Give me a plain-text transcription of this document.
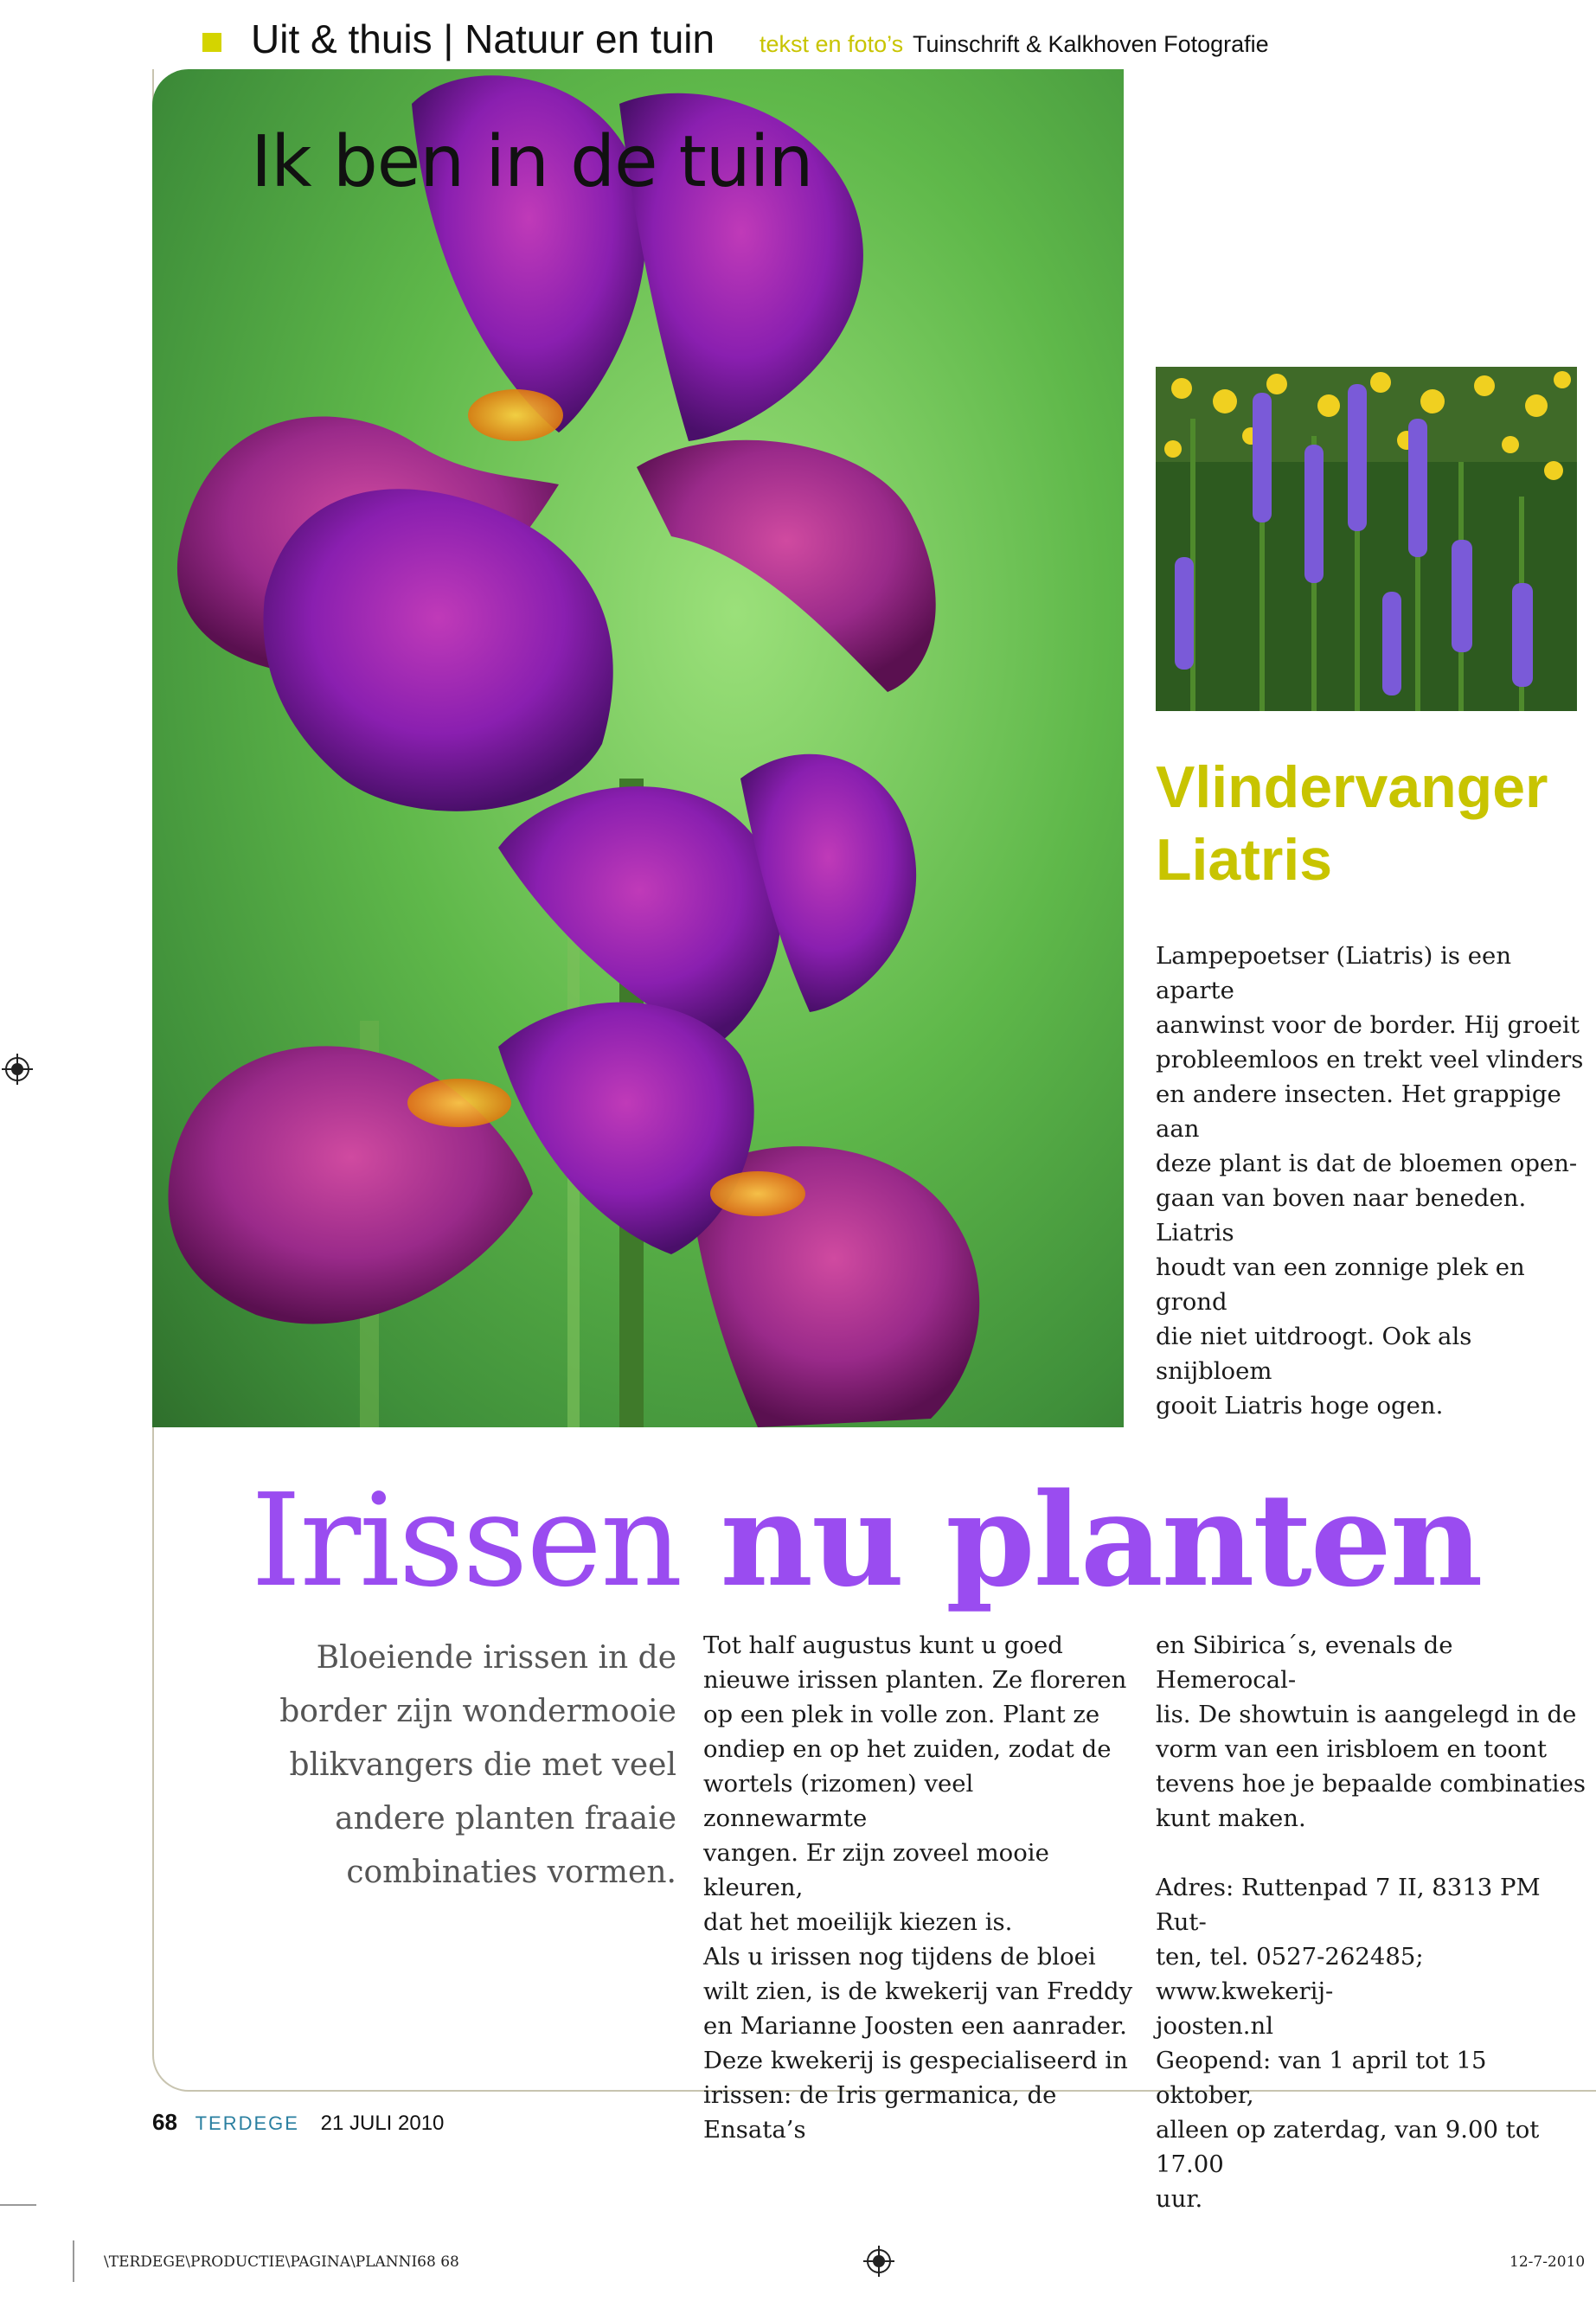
Uit & thuis | Natuur en tuin tekst en foto’s Tuinschrift & Kalkhoven Fotografie
Ik ben in de tuin
Vlindervanger
Liatris

Lampepoetser (Liatris) is een aparte

aanwinst voor de border. Hij groeit

probleemloos en trekt veel vlinders

en andere insecten. Het grappige aan

deze plant is dat de bloemen open-

gaan van boven naar beneden. Liatris

houdt van een zonnige plek en grond

die niet uitdroogt. Ook als snijbloem

gooit Liatris hoge ogen.

Irissen nu planten
Bloeiende irissen in de
border zijn wondermooie
blikvangers die met veel
andere planten fraaie
combinaties vormen.

Tot half augustus kunt u goed

nieuwe irissen planten. Ze floreren

op een plek in volle zon. Plant ze

ondiep en op het zuiden, zodat de

wortels (rizomen) veel zonnewarmte

vangen. Er zijn zoveel mooie kleuren,

dat het moeilijk kiezen is.

Als u irissen nog tijdens de bloei

wilt zien, is de kwekerij van Freddy

en Marianne Joosten een aanrader.

Deze kwekerij is gespecialiseerd in

irissen: de Iris germanica, de Ensata’s

en Sibirica´s, evenals de Hemerocal-

lis. De showtuin is aangelegd in de

vorm van een irisbloem en toont

tevens hoe je bepaalde combinaties

kunt maken.

Adres: Ruttenpad 7 II, 8313 PM Rut-

ten, tel. 0527-262485; www.kwekerij-

joosten.nl

Geopend: van 1 april tot 15 oktober,

alleen op zaterdag, van 9.00 tot 17.00

uur.

68 TERDEGE 21 JULI 2010
\TERDEGE\PRODUCTIE\PAGINA\PLANNI68 68	12-7-2010
